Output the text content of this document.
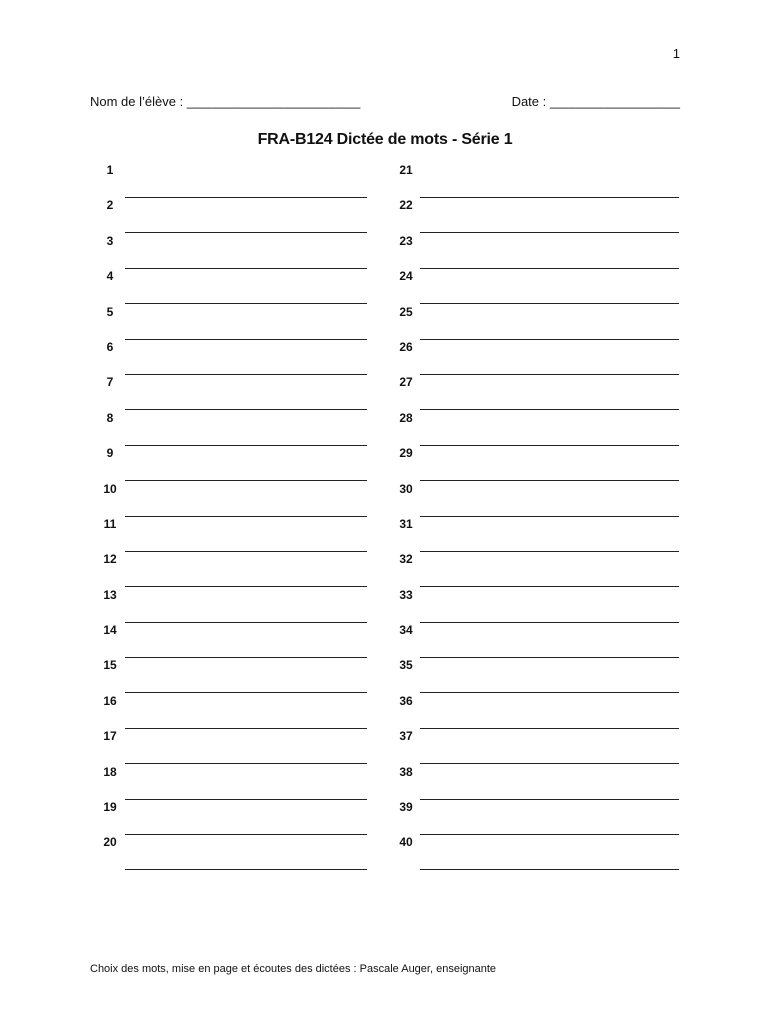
1
Nom de l’élève : ________________________	Date : __________________
FRA-B124 Dictée de mots - Série 1
1
2
3
4
5
6
7
8
9
10
11
12
13
14
15
16
17
18
19
20
21
22
23
24
25
26
27
28
29
30
31
32
33
34
35
36
37
38
39
40
Choix des mots, mise en page et écoutes des dictées : Pascale Auger, enseignante
